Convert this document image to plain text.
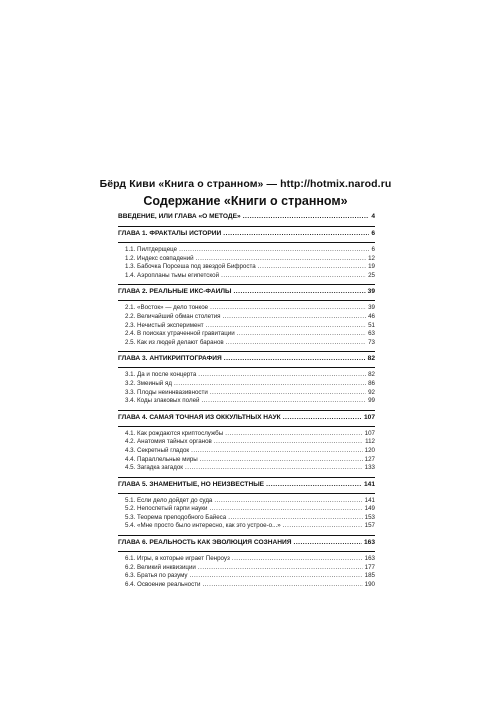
Бёрд Киви «Книга о странном» — http://hotmix.narod.ru
Содержание «Книги о странном»
ВВЕДЕНИЕ, ИЛИ ГЛАВА «О МЕТОДЕ» .....	4
ГЛАВА 1. ФРАКТАЛЫ ИСТОРИИ .....	6
1.1. Пилтдерщеце .....	6
1.2. Индекс совпадений .....	12
1.3. Бабочка Порсеша под звездой Бифроста .....	19
1.4. Аэропланы тьмы египетской .....	25
ГЛАВА 2. РЕАЛЬНЫЕ ИКС-ФАЙЛЫ .....	39
2.1. «Восток» — дело тонкое .....	39
2.2. Величайший обман столетия .....	46
2.3. Нечистый эксперимент .....	51
2.4. В поисках утраченной гравитации .....	63
2.5. Как из людей делают баранов .....	73
ГЛАВА 3. АНТИКРИПТОГРАФИЯ .....	82
3.1. Да и после концерта .....	82
3.2. Змеиный яд .....	86
3.3. Плоды неиннвазивности .....	92
3.4. Коды злаковых полей .....	99
ГЛАВА 4. САМАЯ ТОЧНАЯ ИЗ ОККУЛЬТНЫХ НАУК .....	107
4.1. Как рождаются криптослужбы .....	107
4.2. Анатомия тайных органов .....	112
4.3. Секретный гладок .....	120
4.4. Параллельные миры .....	127
4.5. Загадка загадок .....	133
ГЛАВА 5. ЗНАМЕНИТЫЕ, НО НЕИЗВЕСТНЫЕ .....	141
5.1. Если дело дойдет до суда .....	141
5.2. Непоспетый гарпи науки .....	149
5.3. Теорема преподобного Байеса .....	153
5.4. «Мне просто было интересно, как это устрое-о...» .....	157
ГЛАВА 6. РЕАЛЬНОСТЬ КАК ЭВОЛЮЦИЯ СОЗНАНИЯ .....	163
6.1. Игры, в которые играет Пенроуз .....	163
6.2. Великий инквизиции .....	177
6.3. Братья по разуму .....	185
6.4. Освоение реальности .....	190
